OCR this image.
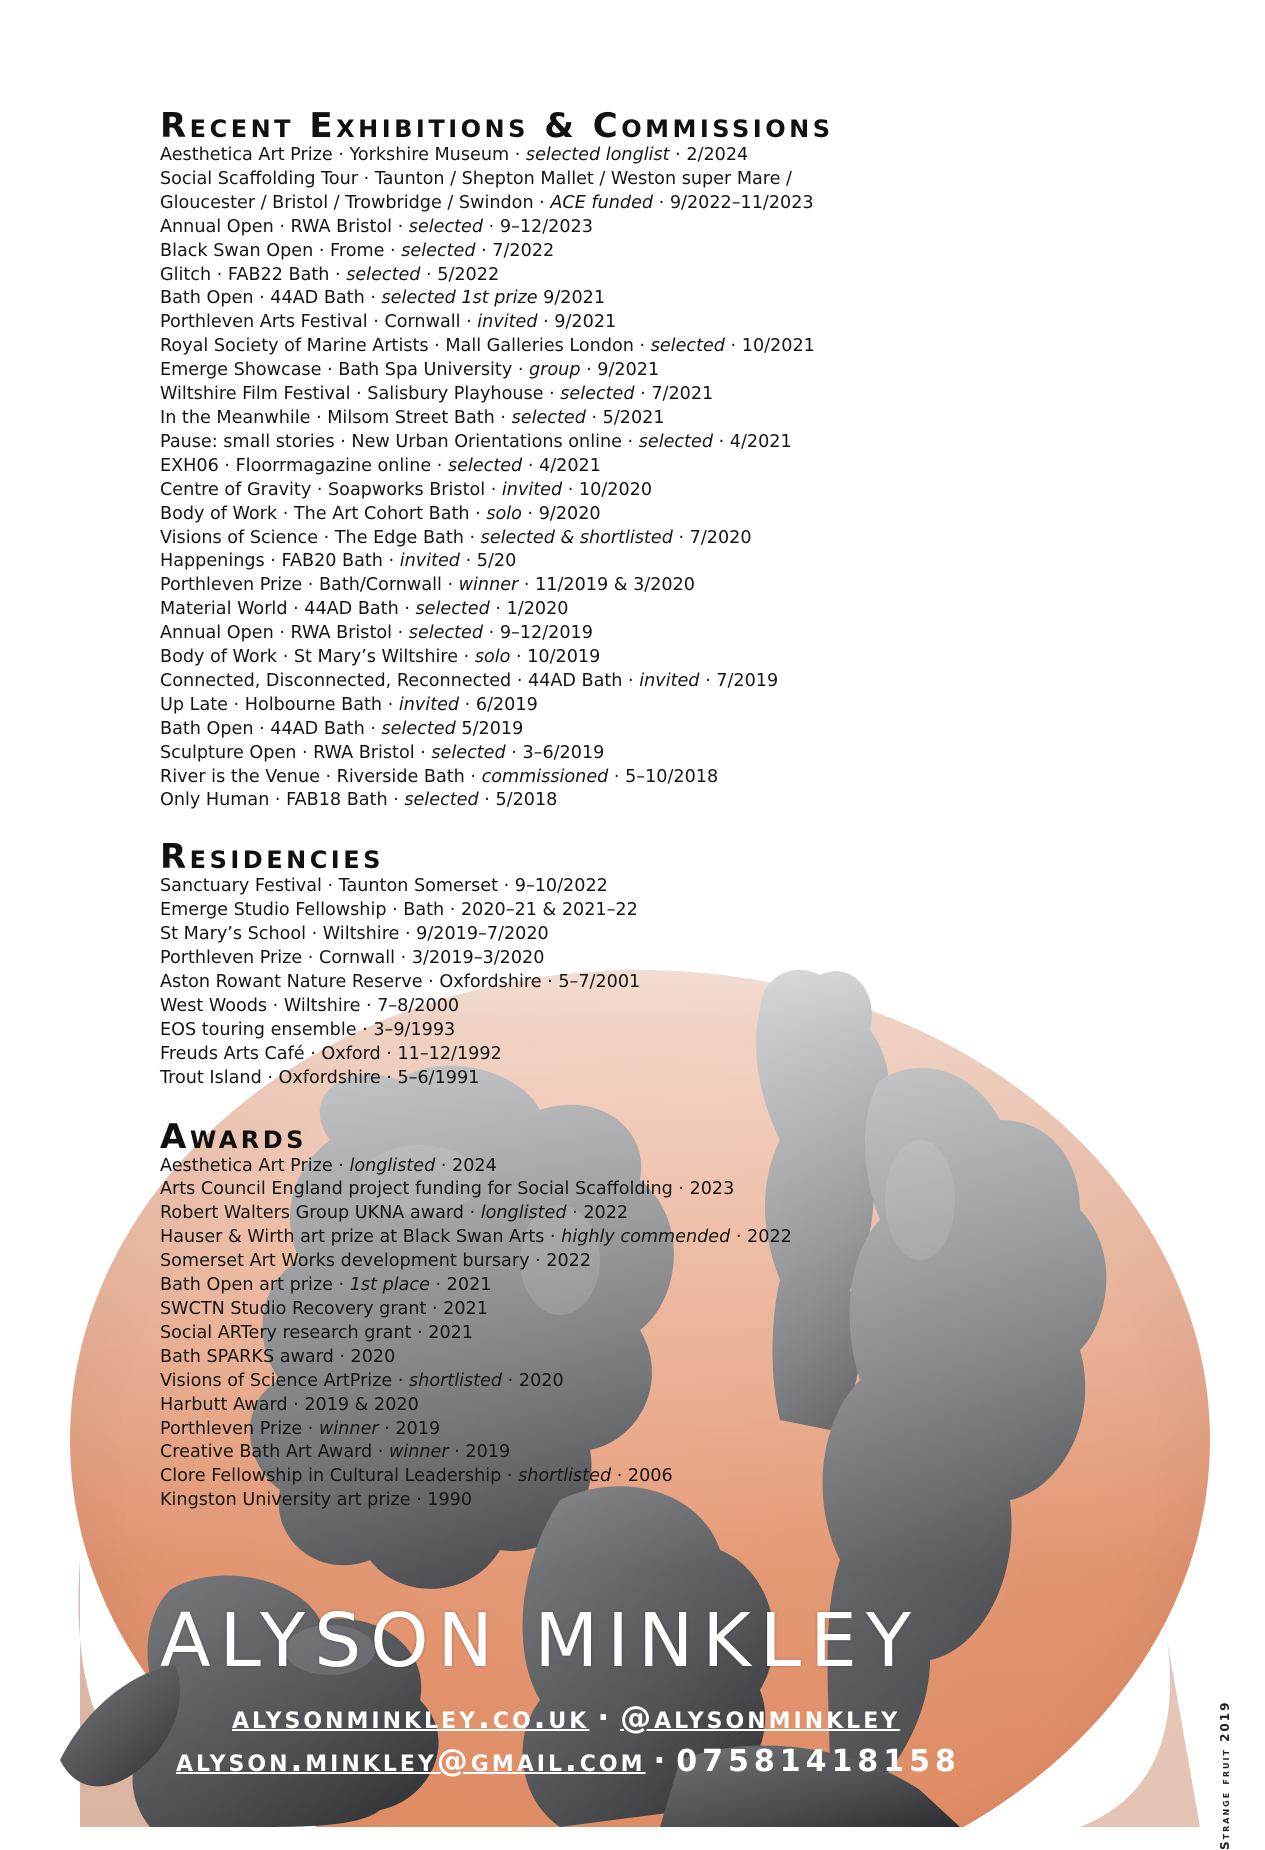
Recent Exhibitions & Commissions
Aesthetica Art Prize · Yorkshire Museum · selected longlist · 2/2024
Social Scaffolding Tour · Taunton / Shepton Mallet / Weston super Mare /
Gloucester / Bristol / Trowbridge / Swindon · ACE funded · 9/2022–11/2023
Annual Open · RWA Bristol · selected · 9–12/2023
Black Swan Open · Frome · selected · 7/2022
Glitch · FAB22 Bath · selected · 5/2022
Bath Open · 44AD Bath · selected 1st prize 9/2021
Porthleven Arts Festival · Cornwall · invited · 9/2021
Royal Society of Marine Artists · Mall Galleries London · selected · 10/2021
Emerge Showcase · Bath Spa University · group · 9/2021
Wiltshire Film Festival · Salisbury Playhouse · selected · 7/2021
In the Meanwhile · Milsom Street Bath · selected · 5/2021
Pause: small stories · New Urban Orientations online · selected · 4/2021
EXH06 · Floorrmagazine online · selected · 4/2021
Centre of Gravity · Soapworks Bristol · invited · 10/2020
Body of Work · The Art Cohort Bath · solo · 9/2020
Visions of Science · The Edge Bath · selected & shortlisted · 7/2020
Happenings · FAB20 Bath · invited · 5/20
Porthleven Prize · Bath/Cornwall · winner · 11/2019 & 3/2020
Material World · 44AD Bath · selected · 1/2020
Annual Open · RWA Bristol · selected · 9–12/2019
Body of Work · St Mary’s Wiltshire · solo · 10/2019
Connected, Disconnected, Reconnected · 44AD Bath · invited · 7/2019
Up Late · Holbourne Bath · invited · 6/2019
Bath Open · 44AD Bath · selected 5/2019
Sculpture Open · RWA Bristol · selected · 3–6/2019
River is the Venue · Riverside Bath · commissioned · 5–10/2018
Only Human · FAB18 Bath · selected · 5/2018
Residencies
Sanctuary Festival · Taunton Somerset · 9–10/2022
Emerge Studio Fellowship · Bath · 2020–21 & 2021–22
St Mary’s School · Wiltshire · 9/2019–7/2020
Porthleven Prize · Cornwall · 3/2019–3/2020
Aston Rowant Nature Reserve · Oxfordshire · 5–7/2001
West Woods · Wiltshire · 7–8/2000
EOS touring ensemble · 3–9/1993
Freuds Arts Café · Oxford · 11–12/1992
Trout Island · Oxfordshire · 5–6/1991
Awards
Aesthetica Art Prize · longlisted · 2024
Arts Council England project funding for Social Scaffolding · 2023
Robert Walters Group UKNA award · longlisted · 2022
Hauser & Wirth art prize at Black Swan Arts · highly commended · 2022
Somerset Art Works development bursary · 2022
Bath Open art prize · 1st place · 2021
SWCTN Studio Recovery grant · 2021
Social ARTery research grant · 2021
Bath SPARKS award · 2020
Visions of Science ArtPrize · shortlisted · 2020
Harbutt Award · 2019 & 2020
Porthleven Prize · winner · 2019
Creative Bath Art Award · winner · 2019
Clore Fellowship in Cultural Leadership · shortlisted · 2006
Kingston University art prize · 1990
ALYSON MINKLEY
alysonminkley.co.uk · @alysonminkley
alyson.minkley@gmail.com · 07581418158	Strange fruit 2019
